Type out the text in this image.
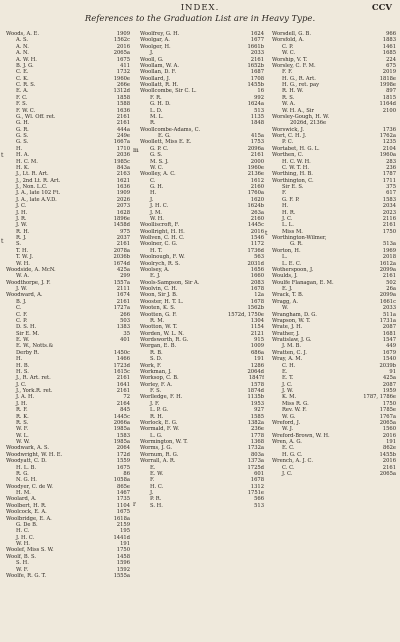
INDEX.	CCV
References to the Graduation List are in Heavy Type.
Woods, A. E.	1909
A. S.	1562c
A. N.	2016
A. N.	2065a
A. W. H.	1675
B. J. G.	411
C. E.	1732
C. K.	1960e
C. R. S.	266e
E. A.	1312d
F. C.	1858
F. S.	1588
F. W. C.	1636
G., Wl. Off. ret.	2161
G. H.	2161
G. R.	444a
G. S.	249e
G. S.	1667a
H.	1710
H. A.	2036
H. C. M.	1985c
H. K.	843a
J., Lt. R. Art.	2163
J., 2nd Lt. R. Art.	1621
J., Non. L.C.	1636
J. A., late 102 Ft.	1909
J. A., late A.V.D.	2026
J. C.	2073
J. H.	1628
J. R.	1896e
J. W.	1458d
R. H.	975
R. J.	2037
S.	2161
T. H.	2078a
T. W. J.	2036b
W. H.	1674d
Woodside, A. McN.	425a
W. A.	299
Woodthorpe, J. F.	1557a
J. W.	2111
Woodward, A.	1674
B. J.	2161
C.	1727a
C. F.	266
C. P.	503
D. S. H.	1383
Sir E. M.	35
E. W.	401
E. W., Notts.&
Derby R.	1450c
H.	1466
H. B.	1723d
H. S.	1615c
J., R. Art. ret.	2161
J. C.	1641
J., York.R. ret.	2161
J. A. H.	72
J. H.	2164
R. F.	845
R. K.	1445c
R. S.	2066a
W. F.	1985a
W. L.	1583
W. W.	1985a
Woodwark, A. S.	2064
Woodwright, W. H. E.	172d
Woodyatt, C. D.	1559
H. L. B.	1675
R. G.	86
N. G. H.	1058a
Woodyer, C. de W.	865e
H. M.	1467
Woolard, A.	1735
Woolbert, H. R.	1104
Woolcock, E. A.	1675
Woolbridge, E. A.	1618a
G. De B.	2159
H. C.	195
J. H. C.	1441d
W. H.	191
Woolef, Miss S. W.	1750
Woolf, B. S.	1458
S. H.	1596
W. F.	1592
Woolfe, R. G. T.	1555a
Woolfrey, G. H.	1624
Woolgar, A.	1677
Woolger, H.	1661b
J.	2033
Wooll, G.	2161
Woollam, W. A.	1652b
Woollan, D. F.	1687
Woollard, J.	1708
Woollatt, R. H.	1455b
Woollcombe, Sir C. L.	16
F. R.	992
G. H. D.	1624a
L. D.	513
M. L.	1135
R.	1848
Woollcombe-Adams, C.
E. G.	415a
Woollett, Miss E. E.	1753
G. P. C.	2096a
G. S.	2161
M. S. J.	2000
W. C.	1960e
Woolley, A. C.	2136e
C.	1612
G. H.	2160
H.	1760a
J.	1620
J. H. C.	1624b
J. M.	263a
W. H.	2160
Woolliscroft, F.	1445c
Woollright, H. H.	2016
Wollven, C. H. C.	1546
Woolner, C. G.	1172
H. T.	1736d
Woolnough, F. W.	563
Woolrych, R. S.	2031d
Woolsey, A.	1656
E. J.	1660
Wools-Sampson, Sir A.	2083
Woolvin, C. H.	1678
Woon, Sir J. B.	12a
Wooster, H. T. L.	1678
Wooten, K. S.	1562b
Wootten, G. F.	1572d, 1750e
R. M.	1304
Wootton, W. T.	1154
Worden, W. L. N.	2121
Wordsworth, R. G.	915
Worgan, E. B.	1009
R. B.	686a
S. D.	191
Work, F.	1286
Workman, J.	2064d
Worksop, C. B.	1847f
Worley, F. A.	1578
F. S.	1874d
Worlledge, F. H.	1135b
J. F.	1953
L. P. G.	927
R. H.	1585
Worlock, E. G.	1382a
Wormald, F. W.	236e
L. G.	1778
Wormington, W. T.	1368
Worms, J. G.	1732a
Wornum, R. G.	803a
Worrall, A. R.	1373a
E.	1725d
E. W.	601
F.	1678
H. C.	1312
J.	1751e
P. R.	566
S. H.	513
Worsdell, G. B.	966
Worsfold, A.	1883
C. P.	1461
W. C.	1685
Worship, V. T.	224
Worsley, C. F. M.	675
F. F.	2019
H. G., R. Art.	1818e
H. G., ret. pay	1998e
R. H. W.	897
R. S.	1815
W. A.	1164d
W. H. A., Sir	2100
Worsley-Gough, H. W.
2026d, 2136e
Worswick, J.	1736
Wort, C. H. J.	1762a
P. C.	1235
Wortabet, H. G. L.	2104
Worthen, C.	1960a
H. C. W. H.	283
C. W. T. H.	236
Worthing, H. B.	1787
Worthington, C.	1711
Sir E. S.	375
F.	617
G. F. P.	1583
H.	2034
H. R.	2023
J. C.	2116
L. L.	2161
Miss M.	1750
Worthington-Wilmer,
G. R.	513a
Worton, H.	1969
L.	2018
L. E. C.	1612a
Wotherspoon, J.	2099a
Woulds, J.	2161
Woulfe Flanagan, E. M.	502
E. J.	26a
Wrack, T. B.	2099a
Wragg, A.	1661c
W.	2033
Wrangham, D. G.	511a
Wrapson, W. T.	1731a
Wrate, J. H.	2087
Wrather, J.	1681
Wratislaw, J. G.	1547
J. M. B.	449
Wratten, C. J.	1679
Wray, A. M.	1540
C. H.	2039b
E.	91
E. T.	425a
J. C.	2087
J. W.	1959
K. M.	1787, 1786e
Miss R. G.	1750
Rev. W. F.	1785e
W. G.	1767a
Wreford, J.	2065a
W. J.	1560
Wreford-Brown, W. H.	2016
Wren, A. G.	191
E. C.	862e
H. G. C.	1455b
Wrench, A. J. C.	2016
C. C.	2161
J. C.	2065a
t
m
t
r
t
